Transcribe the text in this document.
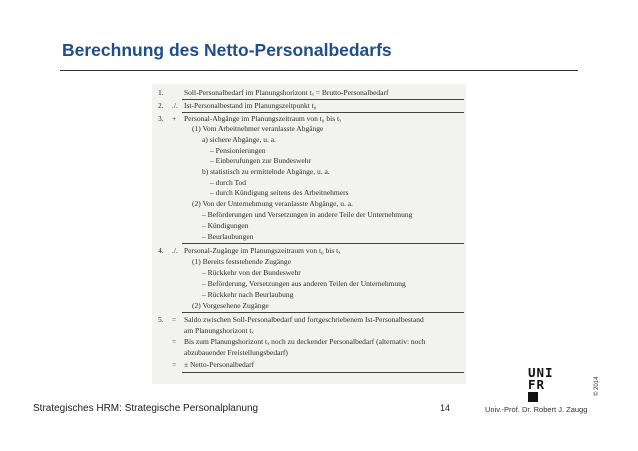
Berechnung des Netto-Personalbedarfs
1.	Soll-Personalbedarf im Planungshorizont tₓ = Brutto-Personalbedarf
2. ./. Ist-Personalbestand im Planungszeitpunkt t₀
3. + Personal-Abgänge im Planungszeitraum von t₀ bis tₓ
(1) Vom Arbeitnehmer veranlasste Abgänge
a) sichere Abgänge, u. a.
– Pensionierungen
– Einberufungen zur Bundeswehr
b) statistisch zu ermittelnde Abgänge, u. a.
– durch Tod
– durch Kündigung seitens des Arbeitnehmers
(2) Von der Unternehmung veranlasste Abgänge, u. a.
– Beförderungen und Versetzungen in andere Teile der Unternehmung
– Kündigungen
– Beurlaubungen
4. ./. Personal-Zugänge im Planungszeitraum von t₀ bis tₓ
(1) Bereits feststehende Zugänge
– Rückkehr von der Bundeswehr
– Beförderung, Versetzungen aus anderen Teilen der Unternehmung
– Rückkehr nach Beurlaubung
(2) Vorgesehene Zugänge
5. = Saldo zwischen Soll-Personalbedarf und fortgeschriebenem Ist-Personalbestand
am Planungshorizont tₓ
= Bis zum Planungshorizont tₓ noch zu deckender Personalbedarf (alternativ: noch
abzubauender Freistellungsbedarf)
= ± Netto-Personalbedarf
UNI
FR
Strategisches HRM: Strategische Personalplanung	14	Univ.-Prof. Dr. Robert J. Zaugg
© 2014
